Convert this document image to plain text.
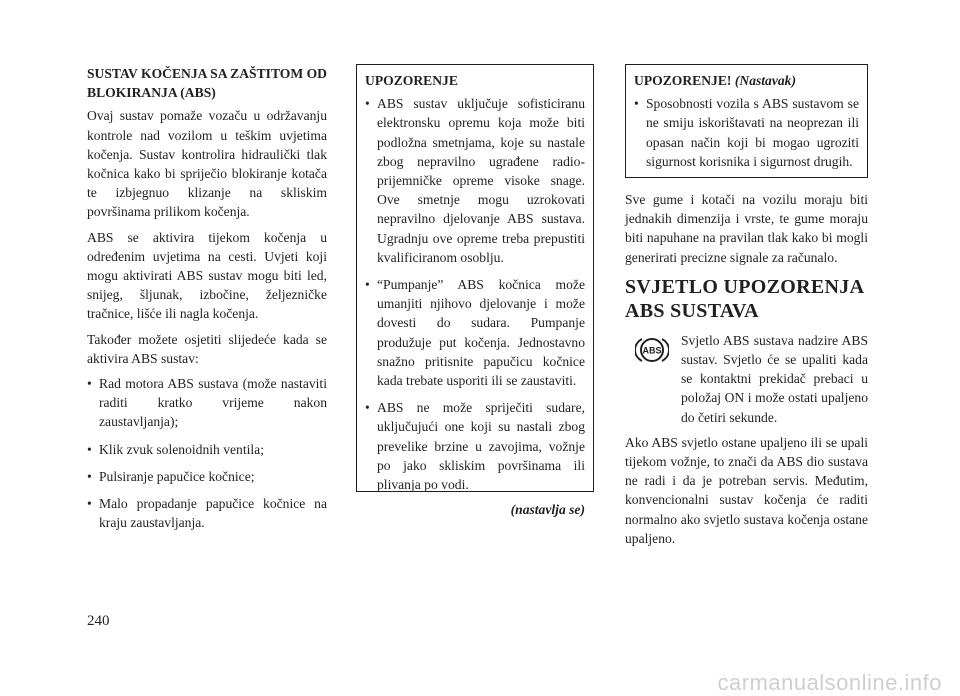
SUSTAV KOČENJA SA ZAŠTITOM OD
BLOKIRANJA (ABS)

Ovaj sustav pomaže vozaču u održavanju kontrole nad vozilom u teškim uvjetima kočenja. Sustav kontrolira hidraulički tlak kočnica kako bi spriječio blokiranje kotača te izbjegnuo klizanje na skliskim površinama prilikom kočenja.

ABS se aktivira tijekom kočenja u određenim uvjetima na cesti. Uvjeti koji mogu aktivirati ABS sustav mogu biti led, snijeg, šljunak, izbočine, željezničke tračnice, lišće ili nagla kočenja.

Također možete osjetiti slijedeće kada se aktivira ABS sustav:

• Rad motora ABS sustava (može nastaviti raditi kratko vrijeme nakon zaustavljanja);
• Klik zvuk solenoidnih ventila;
• Pulsiranje papučice kočnice;
• Malo propadanje papučice kočnice na kraju zaustavljanja.
UPOZORENJE
• ABS sustav uključuje sofisticiranu elektronsku opremu koja može biti podložna smetnjama, koje su nastale zbog nepravilno ugrađene radio-prijemničke opreme visoke snage. Ove smetnje mogu uzrokovati nepravilno djelovanje ABS sustava. Ugradnju ove opreme treba prepustiti kvalificiranom osoblju.
• “Pumpanje” ABS kočnica može umanjiti njihovo djelovanje i može dovesti do sudara. Pumpanje produžuje put kočenja. Jednostavno snažno pritisnite papučicu kočnice kada trebate usporiti ili se zaustaviti.
• ABS ne može spriječiti sudare, uključujući one koji su nastali zbog prevelike brzine u zavojima, vožnje po jako skliskim površinama ili plivanja po vodi.
(nastavlja se)
UPOZORENJE! (Nastavak)
• Sposobnosti vozila s ABS sustavom se ne smiju iskorištavati na neoprezan ili opasan način koji bi mogao ugroziti sigurnost korisnika i sigurnost drugih.

Sve gume i kotači na vozilu moraju biti jednakih dimenzija i vrste, te gume moraju biti napuhane na pravilan tlak kako bi mogli generirati precizne signale za računalo.

SVJETLO UPOZORENJA
ABS SUSTAVA
ABS

Svjetlo ABS sustava nadzire ABS sustav. Svjetlo će se upaliti kada se kontaktni prekidač prebaci u položaj ON i može ostati upaljeno do četiri sekunde.

Ako ABS svjetlo ostane upaljeno ili se upali tijekom vožnje, to znači da ABS dio sustava ne radi i da je potreban servis. Međutim, konvencionalni sustav kočenja će raditi normalno ako svjetlo sustava kočenja ostane upaljeno.

240
carmanualsonline.info
